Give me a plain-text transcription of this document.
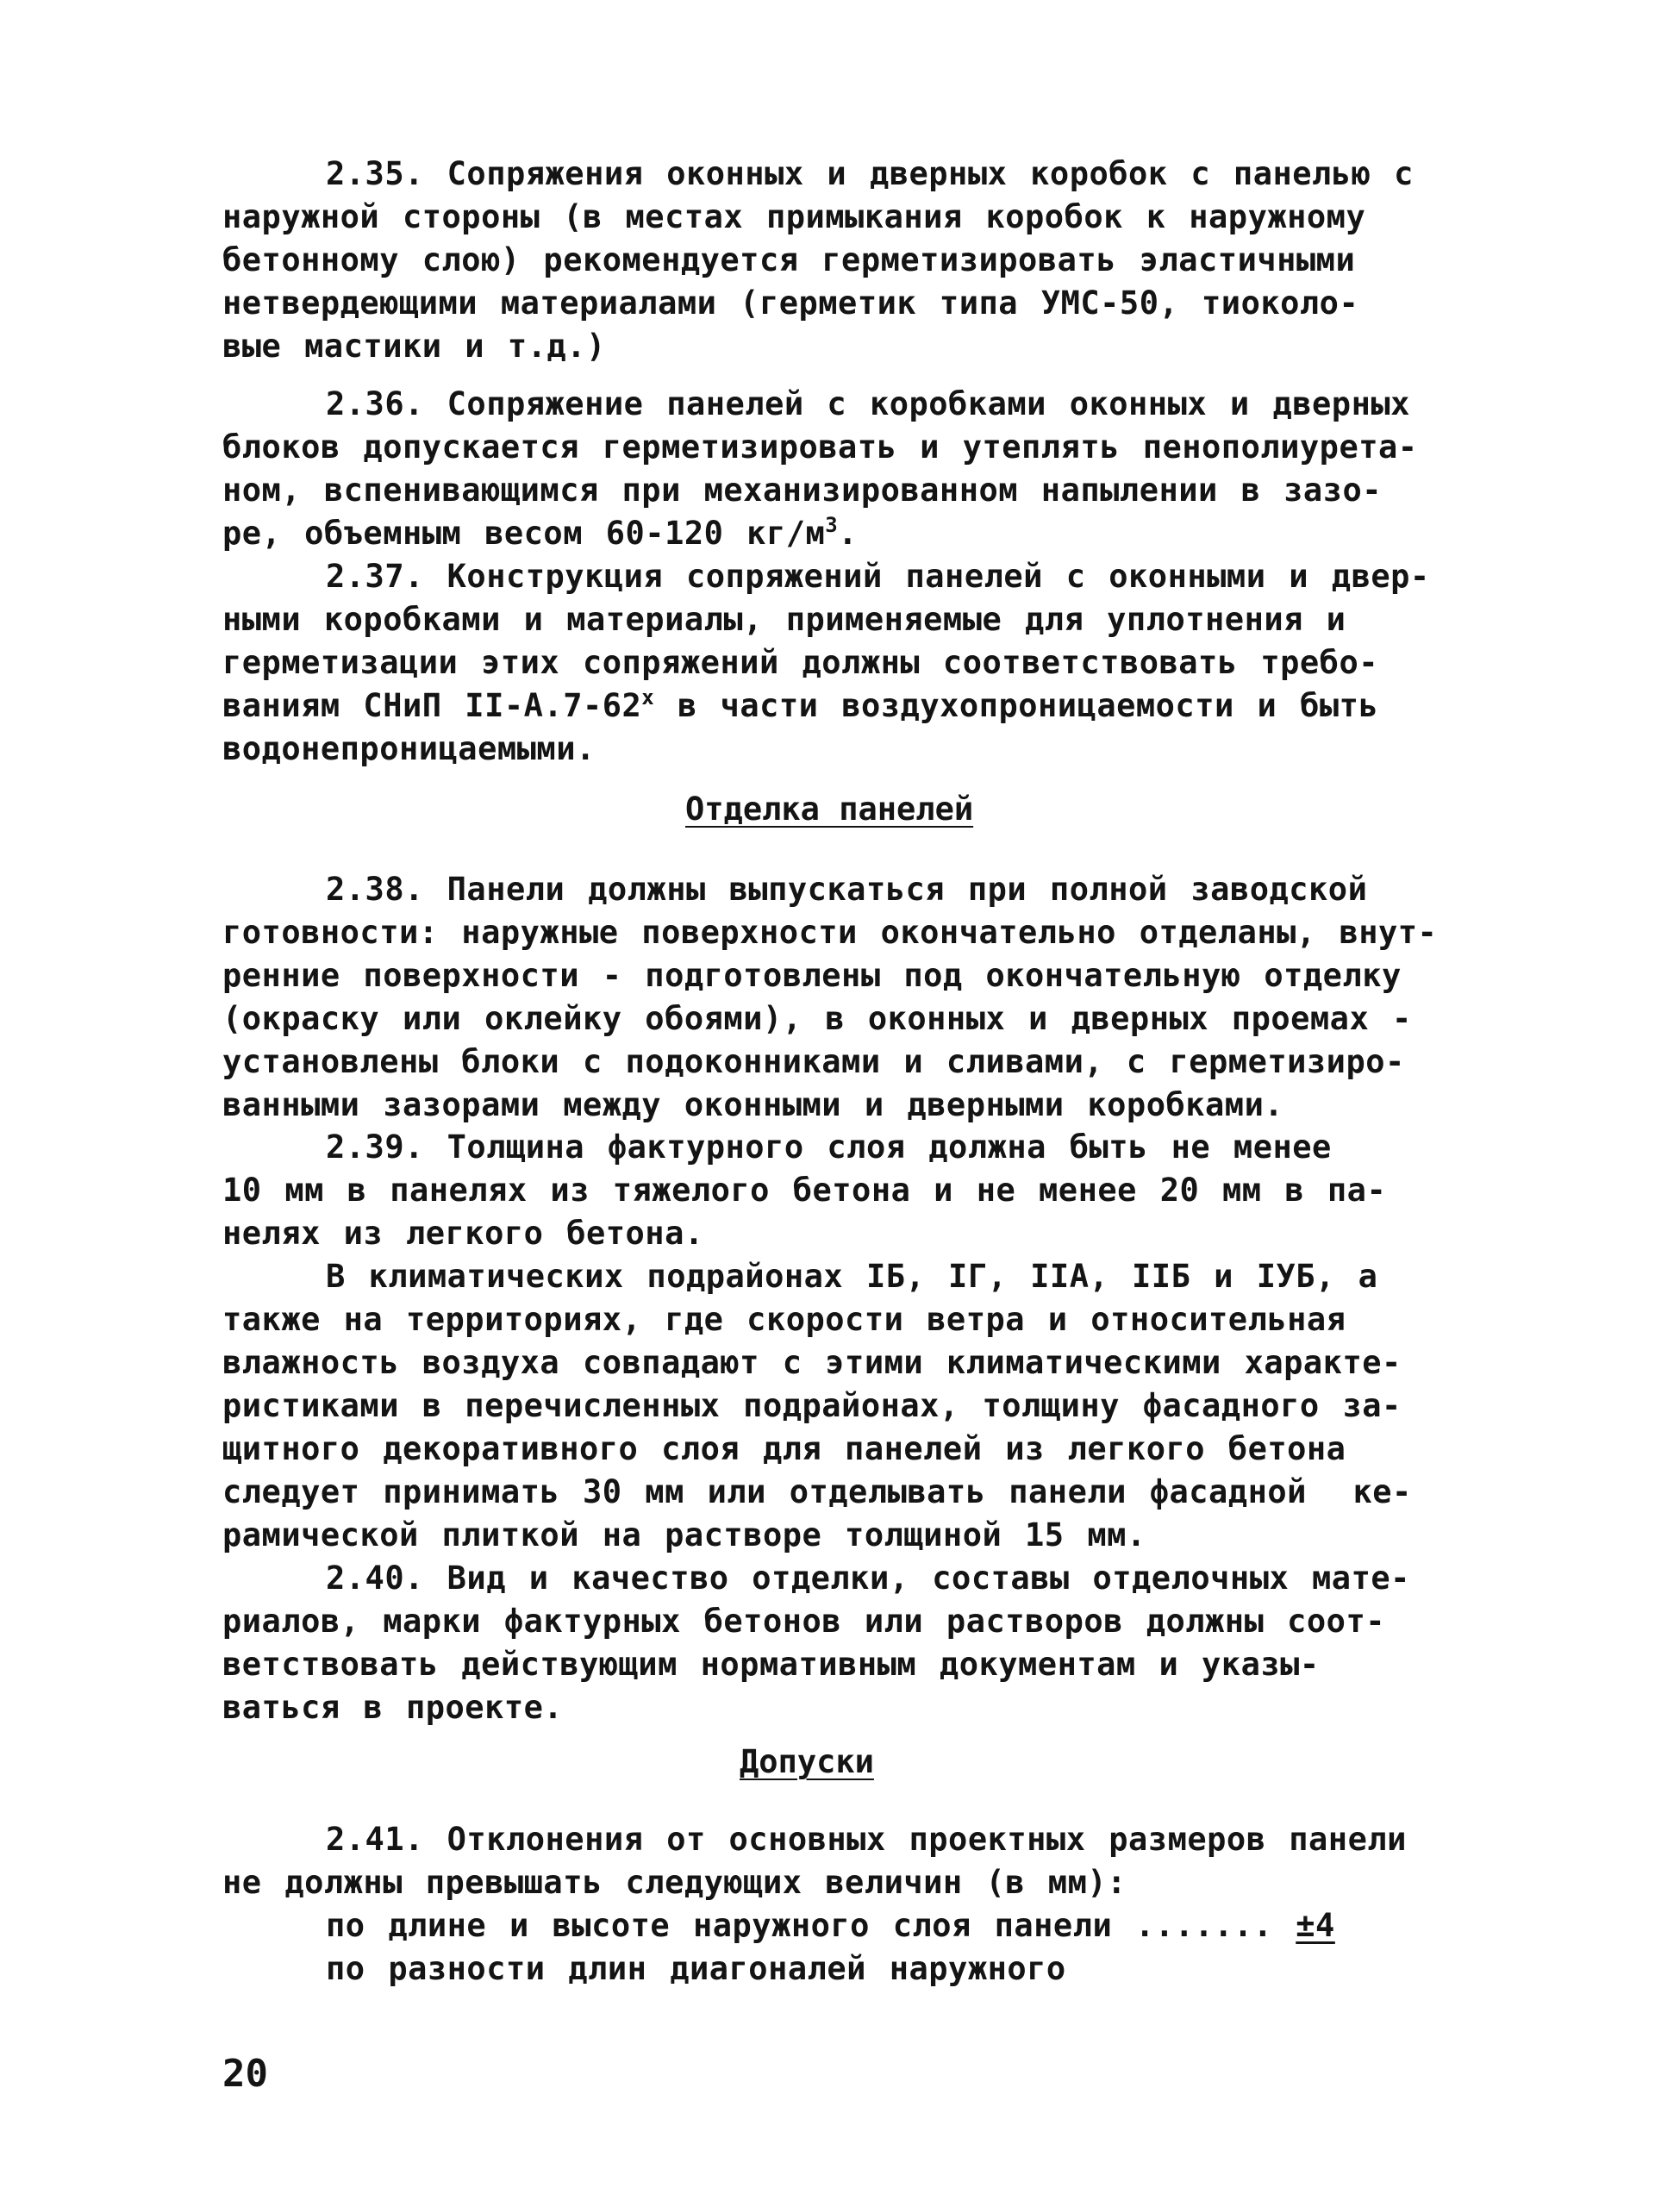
2.35. Сопряжения оконных и дверных коробок с панелью с
наружной стороны (в местах примыкания коробок к наружному
бетонному слою) рекомендуется герметизировать эластичными
нетвердеющими материалами (герметик типа УМС-50, тиоколо-
вые мастики и т.д.)
2.36. Сопряжение панелей с коробками оконных и дверных
блоков допускается герметизировать и утеплять пенополиурета-
ном, вспенивающимся при механизированном напылении в зазо-
ре, объемным весом 60-120 $кг/м^3$.
2.37. Конструкция сопряжений панелей с оконными и двер-
ными коробками и материалы, применяемые для уплотнения и
герметизации этих сопряжений должны соответствовать требо-
ваниям СНиП $II-А.7-62^х$ в части воздухопроницаемости и быть
водонепроницаемыми.
Отделка панелей
2.38. Панели должны выпускаться при полной заводской
готовности: наружные поверхности окончательно отделаны, внут-
ренние поверхности - подготовлены под окончательную отделку
(окраску или оклейку обоями), в оконных и дверных проемах -
установлены блоки с подоконниками и сливами, с герметизиро-
ванными зазорами между оконными и дверными коробками.
2.39. Толщина фактурного слоя должна быть не менее
10 мм в панелях из тяжелого бетона и не менее 20 мм в па-
нелях из легкого бетона.
В климатических подрайонах IБ, IГ, IIА, IIБ и IУБ, а
также на территориях, где скорости ветра и относительная
влажность воздуха совпадают с этими климатическими характе-
ристиками в перечисленных подрайонах, толщину фасадного за-
щитного декоративного слоя для панелей из легкого бетона
следует принимать 30 мм или отделывать панели фасадной  ке-
рамической плиткой на растворе толщиной 15 мм.
2.40. Вид и качество отделки, составы отделочных мате-
риалов, марки фактурных бетонов или растворов должны соот-
ветствовать действующим нормативным документам и указы-
ваться в проекте.
Допуски
2.41. Отклонения от основных проектных размеров панели
не должны превышать следующих величин (в мм):
по длине и высоте наружного слоя панели ....... ±4
по разности длин диагоналей наружного
20
